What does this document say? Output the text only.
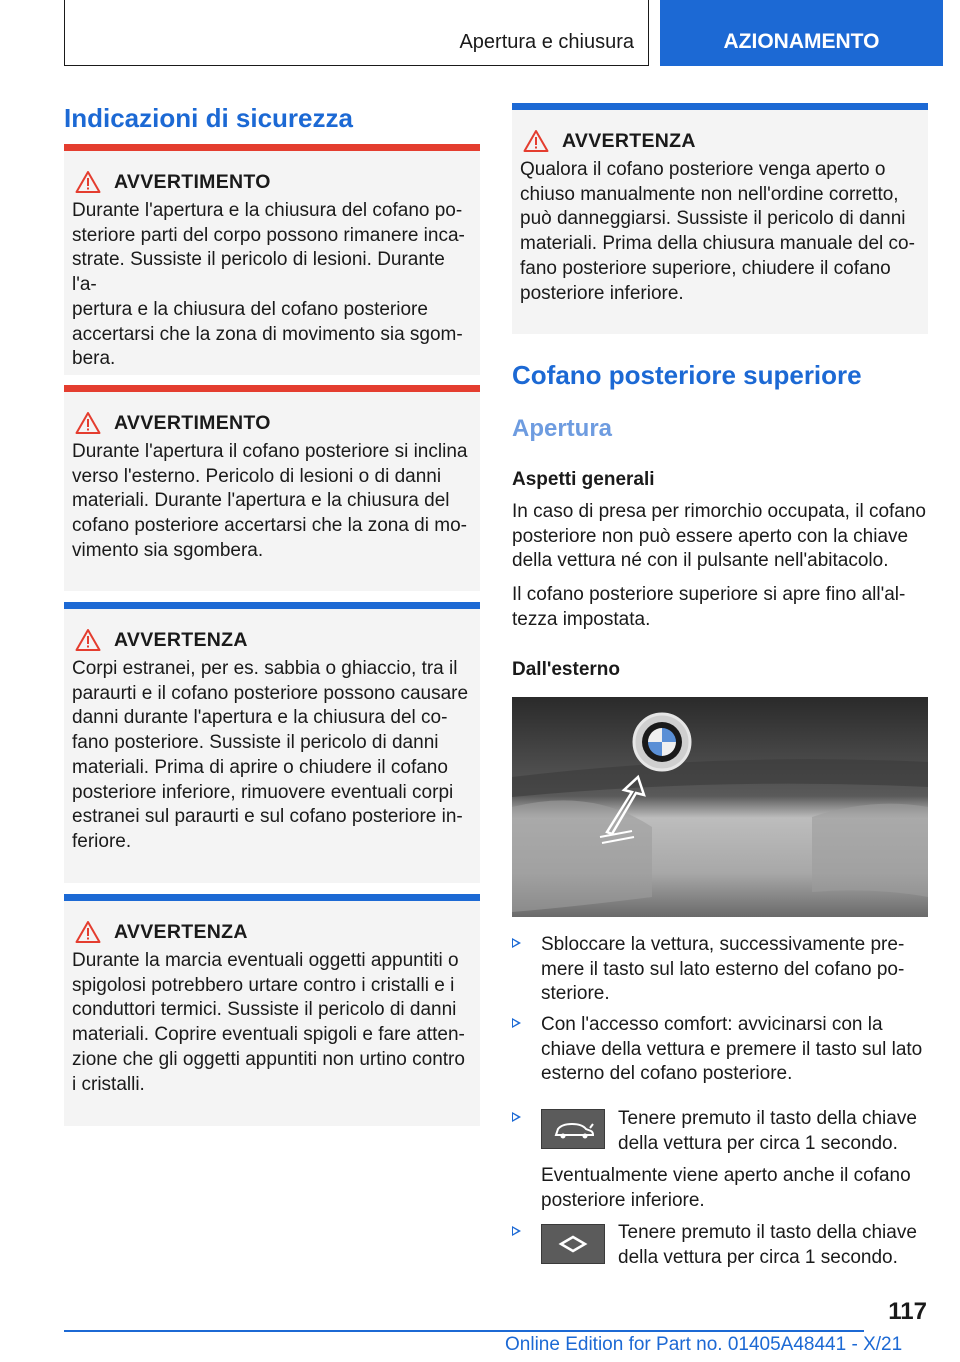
Apertura e chiusura	AZIONAMENTO
Indicazioni di sicurezza
AVVERTIMENTO
Durante l'apertura e la chiusura del cofano po-
steriore parti del corpo possono rimanere inca-
strate. Sussiste il pericolo di lesioni. Durante l'a-
pertura e la chiusura del cofano posteriore
accertarsi che la zona di movimento sia sgom-
bera.
AVVERTIMENTO
Durante l'apertura il cofano posteriore si inclina
verso l'esterno. Pericolo di lesioni o di danni
materiali. Durante l'apertura e la chiusura del
cofano posteriore accertarsi che la zona di mo-
vimento sia sgombera.
AVVERTENZA
Corpi estranei, per es. sabbia o ghiaccio, tra il
paraurti e il cofano posteriore possono causare
danni durante l'apertura e la chiusura del co-
fano posteriore. Sussiste il pericolo di danni
materiali. Prima di aprire o chiudere il cofano
posteriore inferiore, rimuovere eventuali corpi
estranei sul paraurti e sul cofano posteriore in-
feriore.
AVVERTENZA
Durante la marcia eventuali oggetti appuntiti o
spigolosi potrebbero urtare contro i cristalli e i
conduttori termici. Sussiste il pericolo di danni
materiali. Coprire eventuali spigoli e fare atten-
zione che gli oggetti appuntiti non urtino contro
i cristalli.
AVVERTENZA
Qualora il cofano posteriore venga aperto o
chiuso manualmente non nell'ordine corretto,
può danneggiarsi. Sussiste il pericolo di danni
materiali. Prima della chiusura manuale del co-
fano posteriore superiore, chiudere il cofano
posteriore inferiore.
Cofano posteriore superiore
Apertura
Aspetti generali
In caso di presa per rimorchio occupata, il cofano
posteriore non può essere aperto con la chiave
della vettura né con il pulsante nell'abitacolo.
Il cofano posteriore superiore si apre fino all'al-
tezza impostata.
Dall'esterno
Sbloccare la vettura, successivamente pre-
mere il tasto sul lato esterno del cofano po-
steriore.
Con l'accesso comfort: avvicinarsi con la
chiave della vettura e premere il tasto sul lato
esterno del cofano posteriore.
Tenere premuto il tasto della chiave
della vettura per circa 1 secondo.
Eventualmente viene aperto anche il cofano
posteriore inferiore.
Tenere premuto il tasto della chiave
della vettura per circa 1 secondo.
117
Online Edition for Part no. 01405A48441 - X/21
